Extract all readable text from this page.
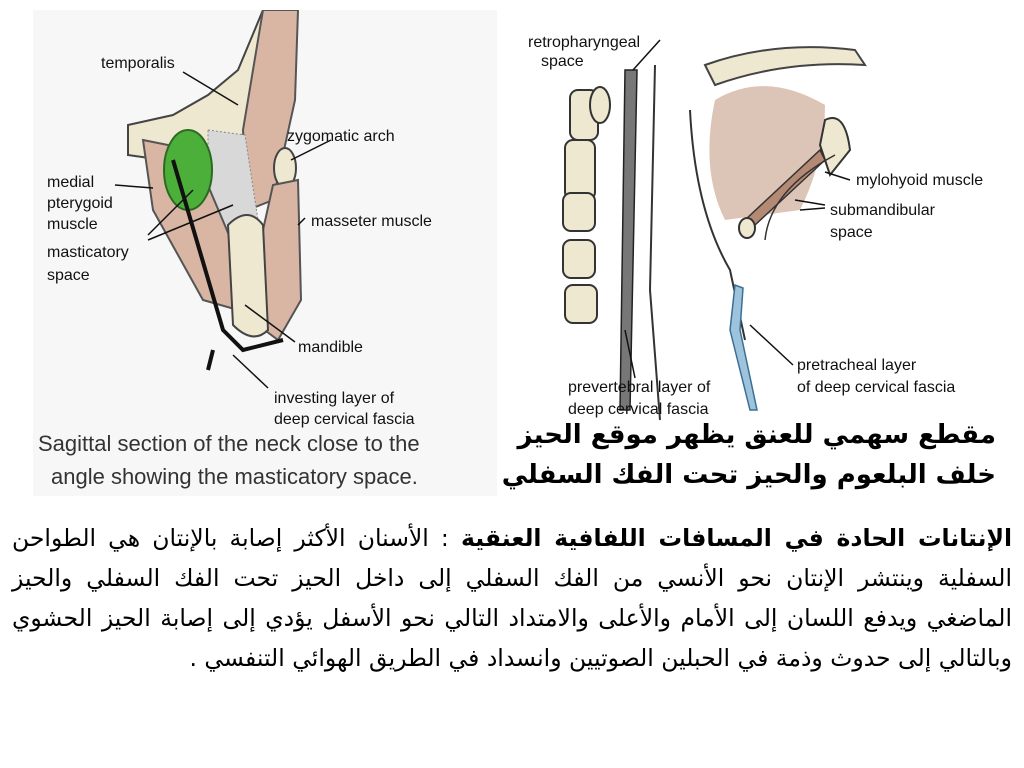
temporalis
zygomatic arch
medial
pterygoid
muscle
masticatory
space
masseter muscle
mandible
investing layer of
deep cervical fascia
Sagittal section of the neck close to the
angle showing the masticatory space.
retropharyngeal
space
mylohyoid muscle
submandibular
space
pretracheal layer
of deep cervical fascia
prevertebral layer of
deep cervical fascia
مقطع سهمي للعنق يظهر موقع الحيز
خلف البلعوم والحيز تحت الفك السفلي
الإنتانات الحادة في المسافات اللفافية العنقية : الأسنان الأكثر إصابة بالإنتان هي الطواحن السفلية وينتشر الإنتان نحو الأنسي من الفك السفلي إلى داخل الحيز تحت الفك السفلي والحيز الماضغي ويدفع اللسان إلى الأمام والأعلى والامتداد التالي نحو الأسفل يؤدي إلى إصابة الحيز الحشوي وبالتالي إلى حدوث وذمة في الحبلين الصوتيين وانسداد في الطريق الهوائي التنفسي .
